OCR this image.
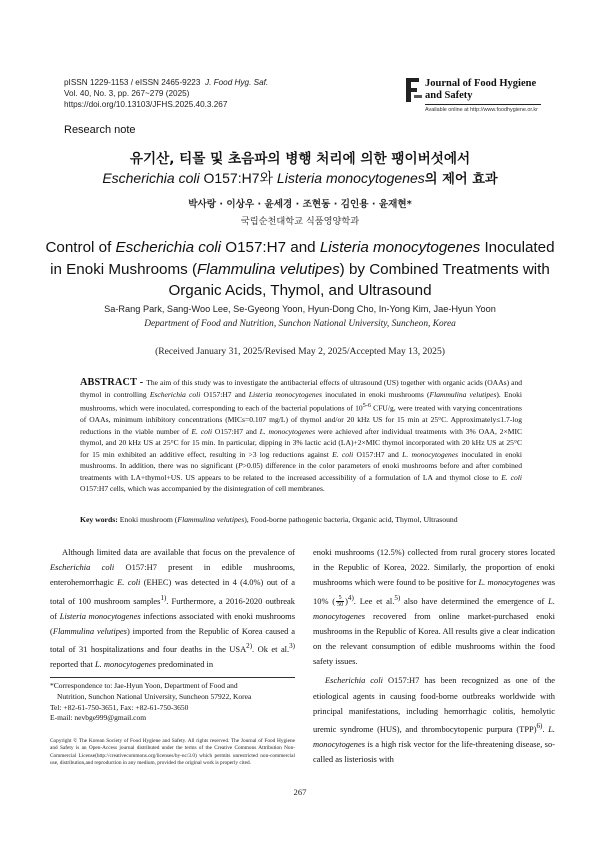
pISSN 1229-1153 / eISSN 2465-9223 J. Food Hyg. Saf.
Vol. 40, No. 3, pp. 267~279 (2025)
https://doi.org/10.13103/JFHS.2025.40.3.267
Journal of Food Hygiene
and Safety
Available online at http://www.foodhygiene.or.kr
Research note
유기산, 티몰 및 초음파의 병행 처리에 의한 팽이버섯에서
Escherichia coli O157:H7와 Listeria monocytogenes의 제어 효과
박사랑 · 이상우 · 윤세경 · 조현동 · 김인용 · 윤재현*
국립순천대학교 식품영양학과
Control of Escherichia coli O157:H7 and Listeria monocytogenes Inoculated
in Enoki Mushrooms (Flammulina velutipes) by Combined Treatments with
Organic Acids, Thymol, and Ultrasound
Sa-Rang Park, Sang-Woo Lee, Se-Gyeong Yoon, Hyun-Dong Cho, In-Yong Kim, Jae-Hyun Yoon
Department of Food and Nutrition, Sunchon National University, Suncheon, Korea
(Received January 31, 2025/Revised May 2, 2025/Accepted May 13, 2025)

ABSTRACT - The aim of this study was to investigate the antibacterial effects of ultrasound (US) together with organic acids (OAAs) and thymol in controlling Escherichia coli O157:H7 and Listeria monocytogenes inoculated in enoki mushrooms (Flammulina velutipes). Enoki mushrooms, which were inoculated, corresponding to each of the bacterial populations of 10$^{5-6}$ CFU/g, were treated with varying concentrations of OAAs, minimum inhibitory concentrations (MICs=0.107 mg/L) of thymol and/or 20 kHz US for 15 min at 25°C. Approximately≤1.7-log reductions in the viable number of E. coli O157:H7 and L. monocytogenes were achieved after individual treatments with 3% OAA, 2×MIC thymol, and 20 kHz US at 25°C for 15 min. In particular, dipping in 3% lactic acid (LA)+2×MIC thymol incorporated with 20 kHz US at 25°C for 15 min exhibited an additive effect, resulting in >3 log reductions against E. coli O157:H7 and L. monocytogenes inoculated in enoki mushrooms. In addition, there was no significant (P>0.05) difference in the color parameters of enoki mushrooms before and after combined treatments with LA+thymol+US. US appears to be related to the increased accessibility of a formulation of LA and thymol close to E. coli O157:H7 cells, which was accompanied by the disintegration of cell membranes.

Key words: Enoki mushroom (Flammulina velutipes), Food-borne pathogenic bacteria, Organic acid, Thymol, Ultrasound

Although limited data are available that focus on the prevalence of Escherichia coli O157:H7 present in edible mushrooms, enterohemorrhagic E. coli (EHEC) was detected in 4 (4.0%) out of a total of 100 mushroom samples$^{1)}$. Furthermore, a 2016-2020 outbreak of Listeria monocytogenes infections associated with enoki mushrooms (Flammulina velutipes) imported from the Republic of Korea caused a total of 31 hospitalizations and four deaths in the USA$^{2)}$. Ok et al.$^{3)}$ reported that L. monocytogenes predominated in

*Correspondence to: Jae-Hyun Yoon, Department of Food and
Nutrition, Sunchon National University, Suncheon 57922, Korea
Tel: +82-61-750-3651, Fax: +82-61-750-3650
E-mail: nevbge999@gmail.com
Copyright © The Korean Society of Food Hygiene and Safety. All rights reserved. The Journal of Food Hygiene and Safety is an Open-Access journal distributed under the terms of the Creative Commons Attribution Non-Commercial License(http://creativecommons.org/licenses/by-nc/3.0) which permits unrestricted non-commercial use, distribution,and reproduction in any medium, provided the original work is properly cited.

enoki mushrooms (12.5%) collected from rural grocery stores located in the Republic of Korea, 2022. Similarly, the proportion of enoki mushrooms which were found to be positive for L. monocytogenes was 10% ( $\frac{5}{50} )^{4)}$. Lee et al.$^{5)}$ also have determined the emergence of L. monocytogenes recovered from online market-purchased enoki mushrooms in the Republic of Korea. All results give a clear indication on the relevant consumption of edible mushrooms within the food safety issues.

Escherichia coli O157:H7 has been recognized as one of the etiological agents in causing food-borne outbreaks worldwide with principal manifestations, including hemorrhagic colitis, hemolytic uremic syndrome (HUS), and thrombocytopenic purpura (TPP)$^{6)}$. L. monocytogenes is a high risk vector for the life-threatening disease, so-called as listeriosis with

267
